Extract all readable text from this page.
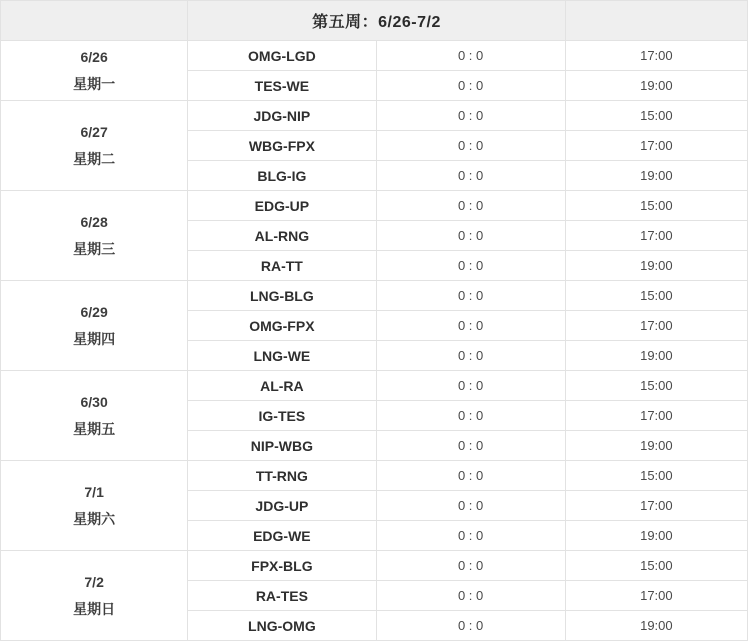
	第五周：6/26-7/2		

6/26
星期一	OMG-LGD	0 : 0	17:00
	TES-WE	0 : 0	19:00

6/27
星期二	JDG-NIP	0 : 0	15:00
	WBG-FPX	0 : 0	17:00
	BLG-IG	0 : 0	19:00

6/28
星期三	EDG-UP	0 : 0	15:00
	AL-RNG	0 : 0	17:00
	RA-TT	0 : 0	19:00

6/29
星期四	LNG-BLG	0 : 0	15:00
	OMG-FPX	0 : 0	17:00
	LNG-WE	0 : 0	19:00

6/30
星期五	AL-RA	0 : 0	15:00
	IG-TES	0 : 0	17:00
	NIP-WBG	0 : 0	19:00

7/1
星期六	TT-RNG	0 : 0	15:00
	JDG-UP	0 : 0	17:00
	EDG-WE	0 : 0	19:00

7/2
星期日	FPX-BLG	0 : 0	15:00
	RA-TES	0 : 0	17:00
	LNG-OMG	0 : 0	19:00
